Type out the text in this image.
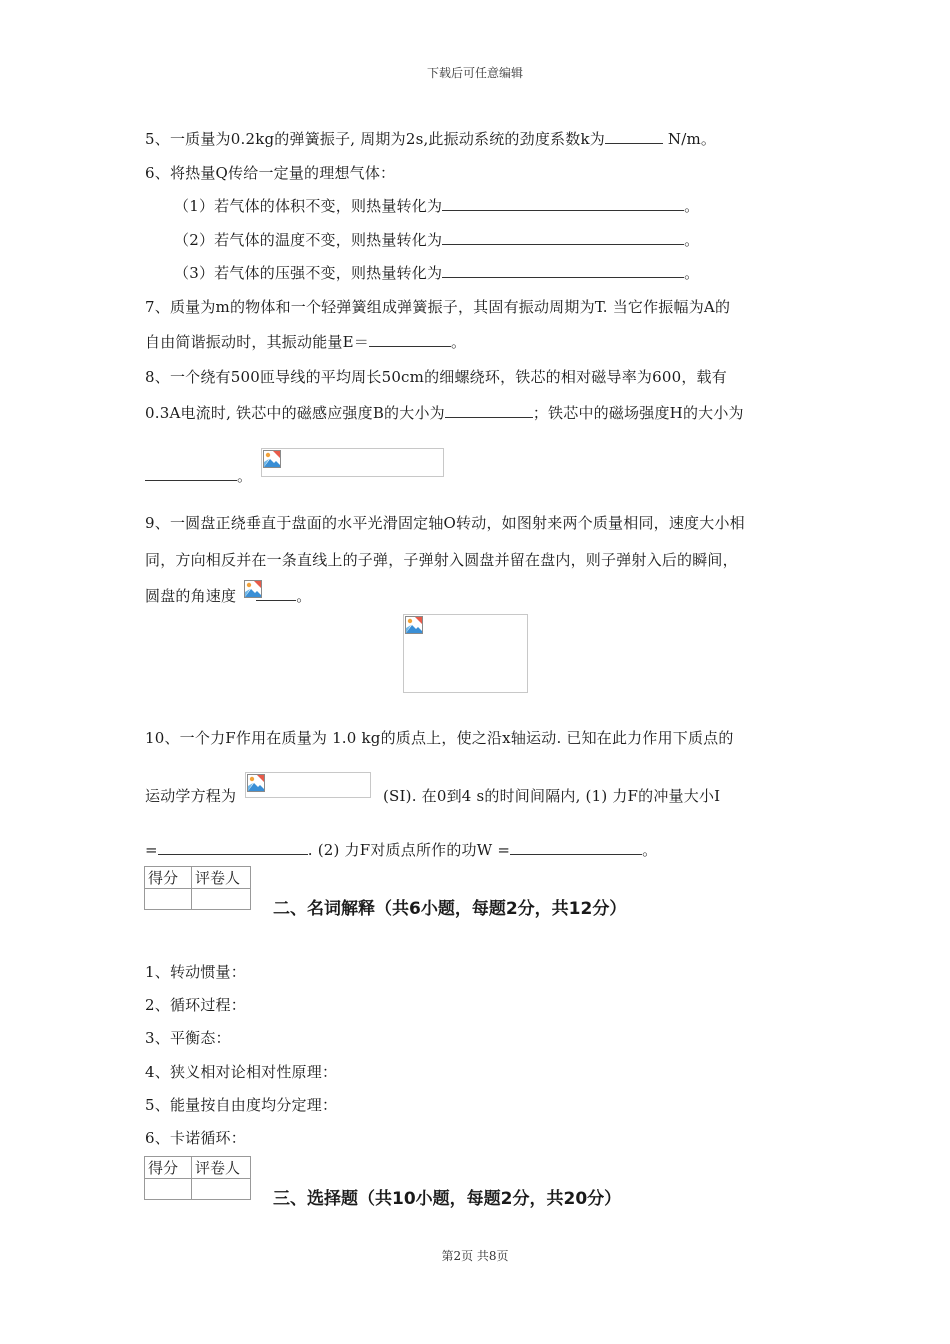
下载后可任意编辑
5、一质量为0.2kg的弹簧振子, 周期为2s,此振动系统的劲度系数k为	N/m。
6、将热量Q传给一定量的理想气体：
（1）若气体的体积不变，则热量转化为	。
（2）若气体的温度不变，则热量转化为	。
（3）若气体的压强不变，则热量转化为	。
7、质量为m的物体和一个轻弹簧组成弹簧振子，其固有振动周期为T. 当它作振幅为A的
自由简谐振动时，其振动能量E＝	。
8、一个绕有500匝导线的平均周长50cm的细螺绕环，铁芯的相对磁导率为600，载有
0.3A电流时, 铁芯中的磁感应强度B的大小为	；铁芯中的磁场强度H的大小为
。
9、一圆盘正绕垂直于盘面的水平光滑固定轴O转动，如图射来两个质量相同，速度大小相
同，方向相反并在一条直线上的子弹，子弹射入圆盘并留在盘内，则子弹射入后的瞬间，
圆盘的角速度	。
10、一个力F作用在质量为 1.0 kg的质点上，使之沿x轴运动. 已知在此力作用下质点的
运动学方程为	(SI). 在0到4 s的时间间隔内, (1) 力F的冲量大小I
=	. (2) 力F对质点所作的功W =	。
得分	评卷人

二、名词解释（共6小题，每题2分，共12分）
1、转动惯量：
2、循环过程：
3、平衡态：
4、狭义相对论相对性原理：
5、能量按自由度均分定理：
6、卡诺循环：
得分	评卷人

三、选择题（共10小题，每题2分，共20分）
第2页 共8页
